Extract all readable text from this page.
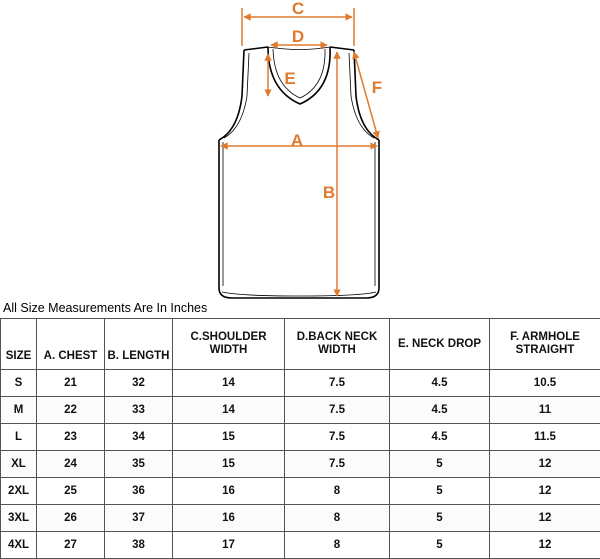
C
D
E	F
A
B
All Size Measurements Are In Inches
SIZE	A. CHEST	B. LENGTH	C.SHOULDER WIDTH	D.BACK NECK WIDTH	E. NECK DROP	F. ARMHOLE STRAIGHT
S	21	32	14	7.5	4.5	10.5
M	22	33	14	7.5	4.5	11
L	23	34	15	7.5	4.5	11.5
XL	24	35	15	7.5	5	12
2XL	25	36	16	8	5	12
3XL	26	37	16	8	5	12
4XL	27	38	17	8	5	12
